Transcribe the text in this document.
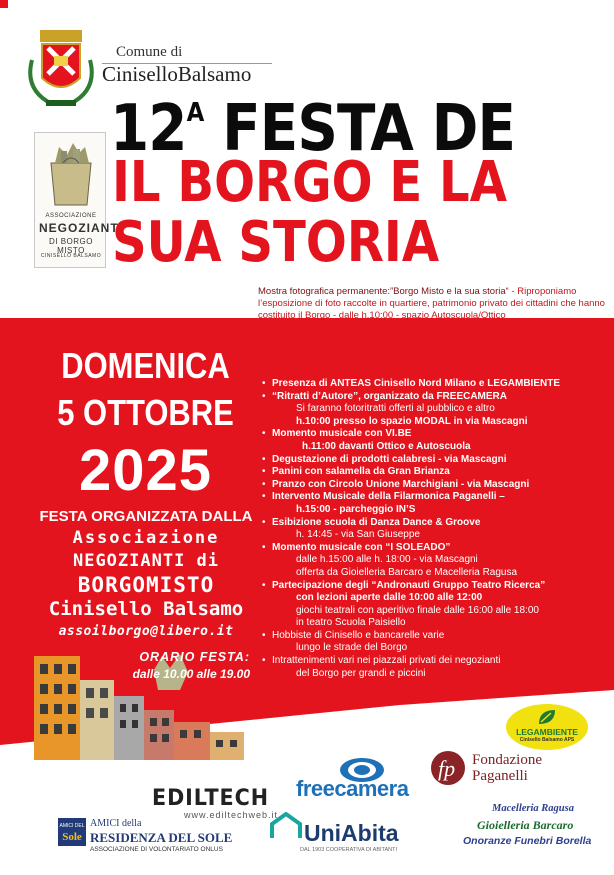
Comune di
CiniselloBalsamo
ASSOCIAZIONE
NEGOZIANTI
DI BORGO MISTO
CINISELLO BALSAMO
$12^A$ FESTA DE
IL BORGO E LA
SUA STORIA
Mostra fotografica permanente:”Borgo Misto e la sua storia“ - Riproponiamo l’esposizione di foto raccolte in quartiere, patrimonio privato dei cittadini che hanno costituito il Borgo - dalle h.10:00 - spazio Autoscuola/Ottico
DOMENICA
5 OTTOBRE
2025
FESTA ORGANIZZATA DALLA
Associazione
NEGOZIANTI di
BORGOMISTO
Cinisello Balsamo
assoilborgo@libero.it
ORARIO FESTA:
dalle 10.00 alle 19.00
• Presenza di ANTEAS Cinisello Nord Milano e LEGAMBIENTE
• “Ritratti d’Autore”, organizzato da FREECAMERA
Si faranno fotoritratti offerti al pubblico e altro
h.10:00 presso lo spazio MODAL in via Mascagni
• Momento musicale con VI.BE
h.11:00 davanti Ottico e Autoscuola
• Degustazione di prodotti calabresi - via Mascagni
• Panini con salamella da Gran Brianza
• Pranzo con Circolo Unione Marchigiani - via Mascagni
• Intervento Musicale della Filarmonica Paganelli –
h.15:00 - parcheggio IN’S
• Esibizione scuola di Danza Dance & Groove
h. 14:45 - via San Giuseppe
• Momento musicale con “I SOLEADO”
dalle h.15:00 alle h. 18:00 - via Mascagni
offerta da Gioielleria Barcaro e Macelleria Ragusa
• Partecipazione degli “Andronauti Gruppo Teatro Ricerca”
con lezioni aperte dalle 10:00 alle 12:00
giochi teatrali con aperitivo finale dalle 16:00 alle 18:00
in teatro Scuola Paisiello
• Hobbiste di Cinisello e bancarelle varie
lungo le strade del Borgo
• Intrattenimenti vari nei piazzali privati dei negozianti
del Borgo per grandi e piccini
LEGAMBIENTE
Cinisello Balsamo APS
fp Fondazione
Paganelli
freecamera
EDILTECH
www.ediltechweb.it
AMICI DEL
Sole
AMICI della
RESIDENZA DEL SOLE
ASSOCIAZIONE DI VOLONTARIATO ONLUS
UniAbita
DAL 1903 COOPERATIVA DI ABITANTI
Macelleria Ragusa
Gioielleria Barcaro
Onoranze Funebri Borella
